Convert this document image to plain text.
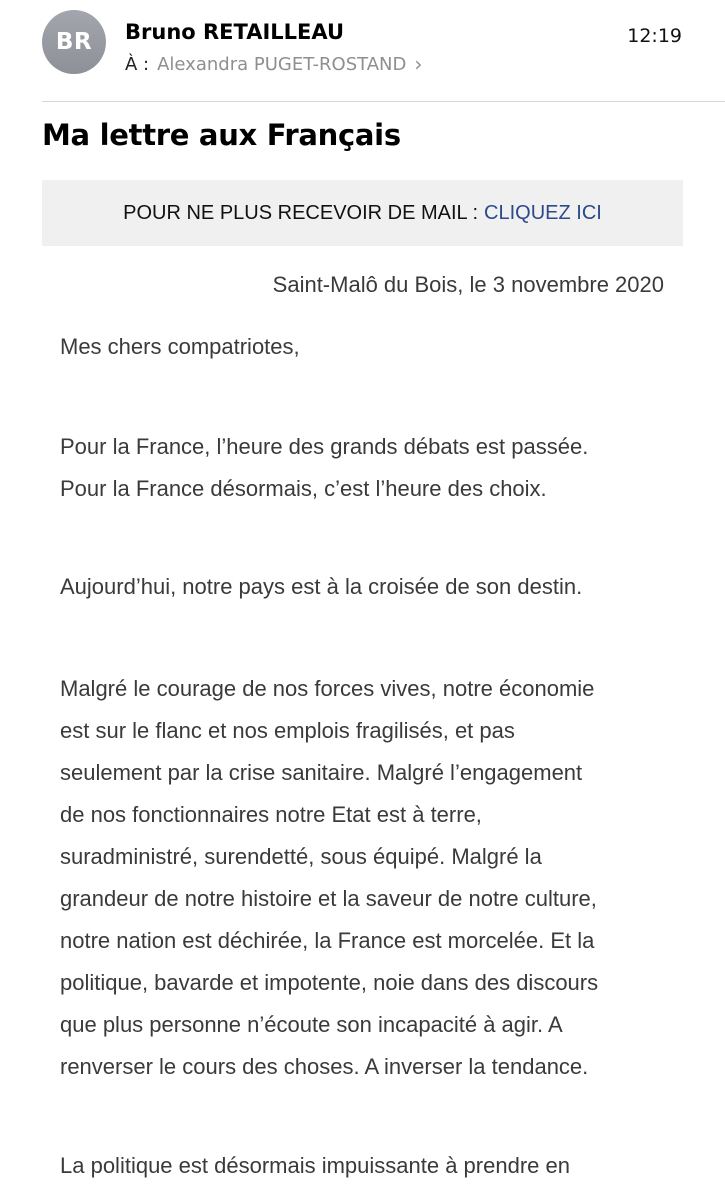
BR	Bruno RETAILLEAU	12:19
À : Alexandra PUGET-ROSTAND ›
Ma lettre aux Français
POUR NE PLUS RECEVOIR DE MAIL : CLIQUEZ ICI
Saint-Malô du Bois, le 3 novembre 2020
Mes chers compatriotes,
Pour la France, l’heure des grands débats est passée.
Pour la France désormais, c’est l’heure des choix.
Aujourd’hui, notre pays est à la croisée de son destin.
Malgré le courage de nos forces vives, notre économie
est sur le flanc et nos emplois fragilisés, et pas
seulement par la crise sanitaire. Malgré l’engagement
de nos fonctionnaires notre Etat est à terre,
suradministré, surendetté, sous équipé. Malgré la
grandeur de notre histoire et la saveur de notre culture,
notre nation est déchirée, la France est morcelée. Et la
politique, bavarde et impotente, noie dans des discours
que plus personne n’écoute son incapacité à agir. A
renverser le cours des choses. A inverser la tendance.
La politique est désormais impuissante à prendre en
